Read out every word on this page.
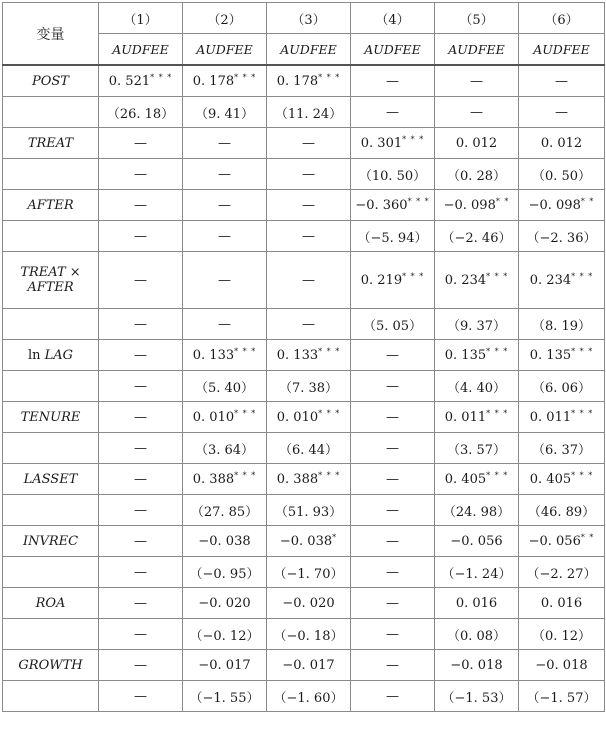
变量	（1）	（2）	（3）	（4）	（5）	（6）
	AUDFEE	AUDFEE	AUDFEE	AUDFEE	AUDFEE	AUDFEE
POST	0. 521* * *	0. 178* * *	0. 178* * *	—	—	—
	（26. 18）	（9. 41）	（11. 24）	—	—	—
TREAT	—	—	—	0. 301* * *	0. 012	0. 012
	—	—	—	（10. 50）	（0. 28）	（0. 50）
AFTER	—	—	—	−0. 360* * *	−0. 098* *	−0. 098* *
	—	—	—	（−5. 94）	（−2. 46）	（−2. 36）
TREAT ×
AFTER	—	—	—	0. 219* * *	0. 234* * *	0. 234* * *
	—	—	—	（5. 05）	（9. 37）	（8. 19）
ln LAG	—	0. 133* * *	0. 133* * *	—	0. 135* * *	0. 135* * *
	—	（5. 40）	（7. 38）	—	（4. 40）	（6. 06）
TENURE	—	0. 010* * *	0. 010* * *	—	0. 011* * *	0. 011* * *
	—	（3. 64）	（6. 44）	—	（3. 57）	（6. 37）
LASSET	—	0. 388* * *	0. 388* * *	—	0. 405* * *	0. 405* * *
	—	（27. 85）	（51. 93）	—	（24. 98）	（46. 89）
INVREC	—	−0. 038	−0. 038*	—	−0. 056	−0. 056* *
	—	（−0. 95）	（−1. 70）	—	（−1. 24）	（−2. 27）
ROA	—	−0. 020	−0. 020	—	0. 016	0. 016
	—	（−0. 12）	（−0. 18）	—	（0. 08）	（0. 12）
GROWTH	—	−0. 017	−0. 017	—	−0. 018	−0. 018
	—	（−1. 55）	（−1. 60）	—	（−1. 53）	（−1. 57）
